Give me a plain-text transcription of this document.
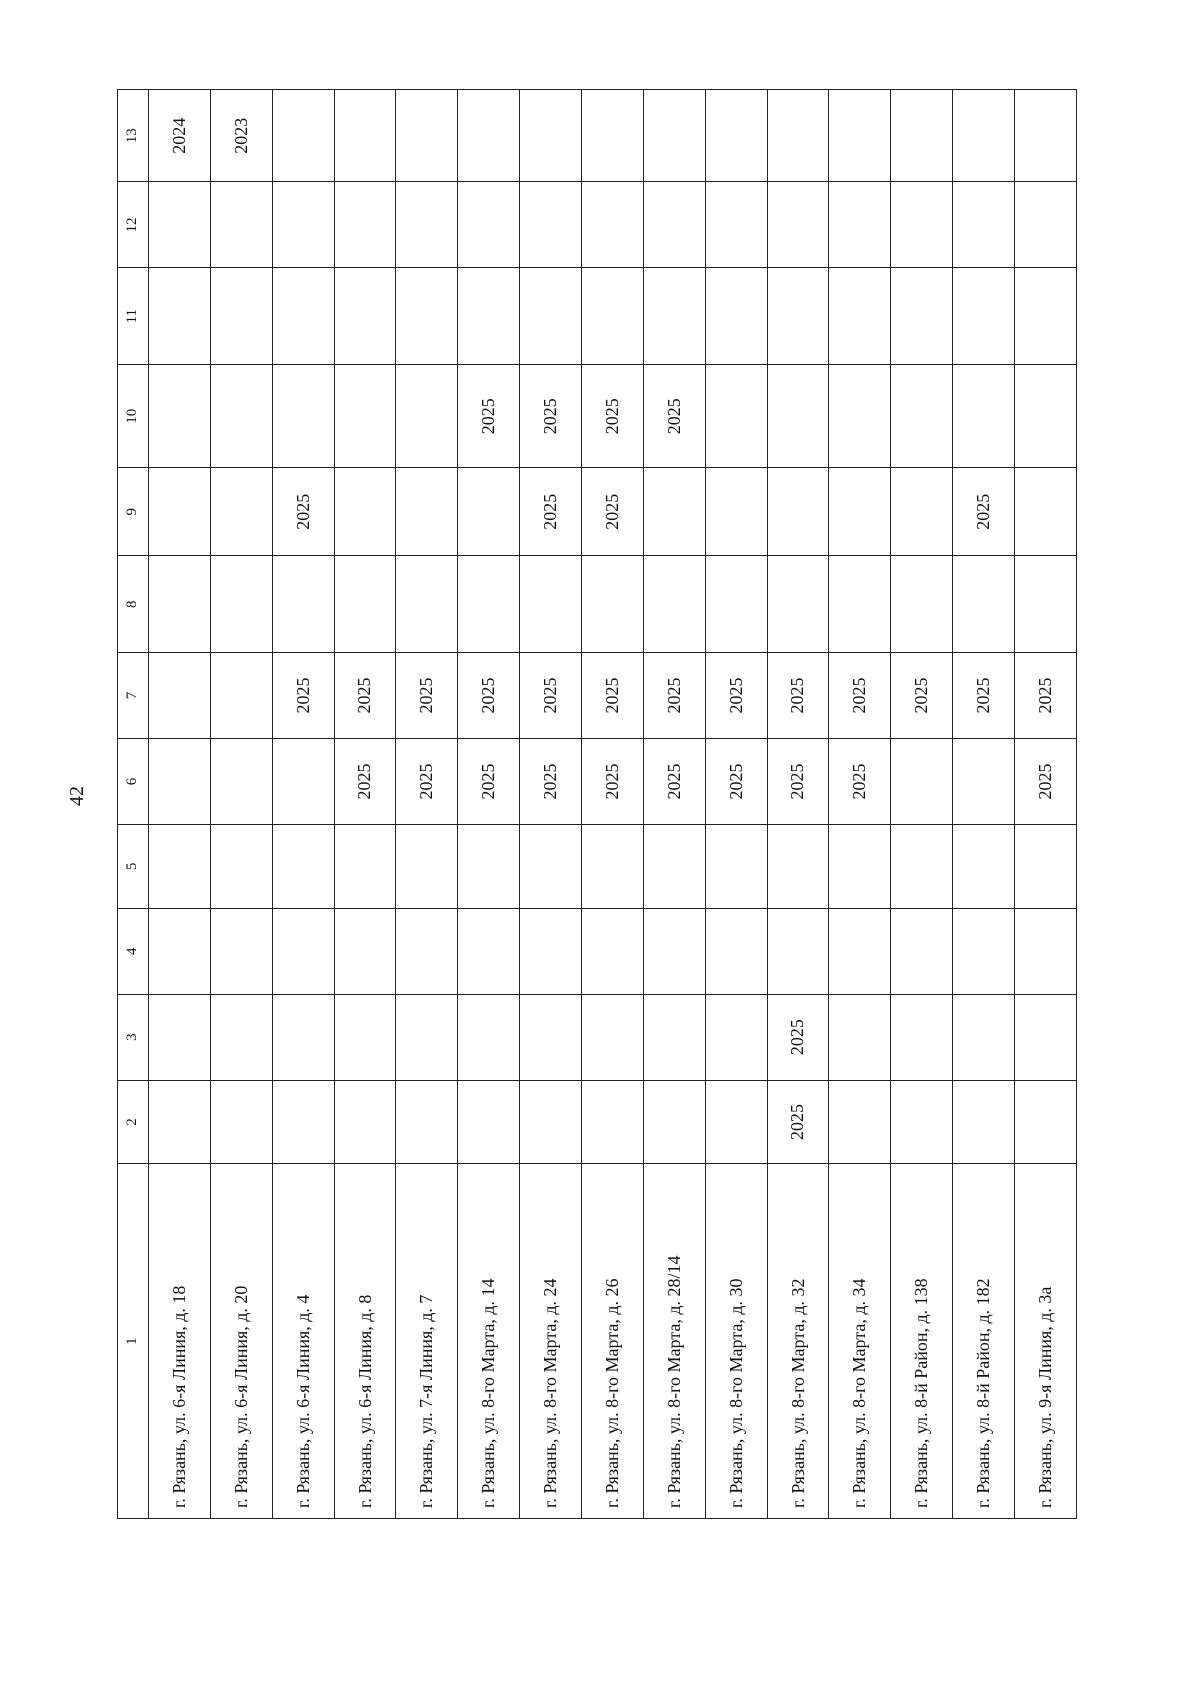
42
1	2	3	4	5	6	7	8	9	10	11	12	13
г. Рязань, ул. 6-я Линия, д. 18												2024
г. Рязань, ул. 6-я Линия, д. 20												2023
г. Рязань, ул. 6-я Линия, д. 4						2025		2025				
г. Рязань, ул. 6-я Линия, д. 8					2025	2025						
г. Рязань, ул. 7-я Линия, д. 7					2025	2025						
г. Рязань, ул. 8-го Марта, д. 14					2025	2025			2025			
г. Рязань, ул. 8-го Марта, д. 24					2025	2025		2025	2025			
г. Рязань, ул. 8-го Марта, д. 26					2025	2025		2025	2025			
г. Рязань, ул. 8-го Марта, д. 28/14					2025	2025			2025			
г. Рязань, ул. 8-го Марта, д. 30					2025	2025						
г. Рязань, ул. 8-го Марта, д. 32	2025	2025			2025	2025						
г. Рязань, ул. 8-го Марта, д. 34					2025	2025						
г. Рязань, ул. 8-й Район, д. 138						2025						
г. Рязань, ул. 8-й Район, д. 182						2025		2025				
г. Рязань, ул. 9-я Линия, д. 3а					2025	2025						
